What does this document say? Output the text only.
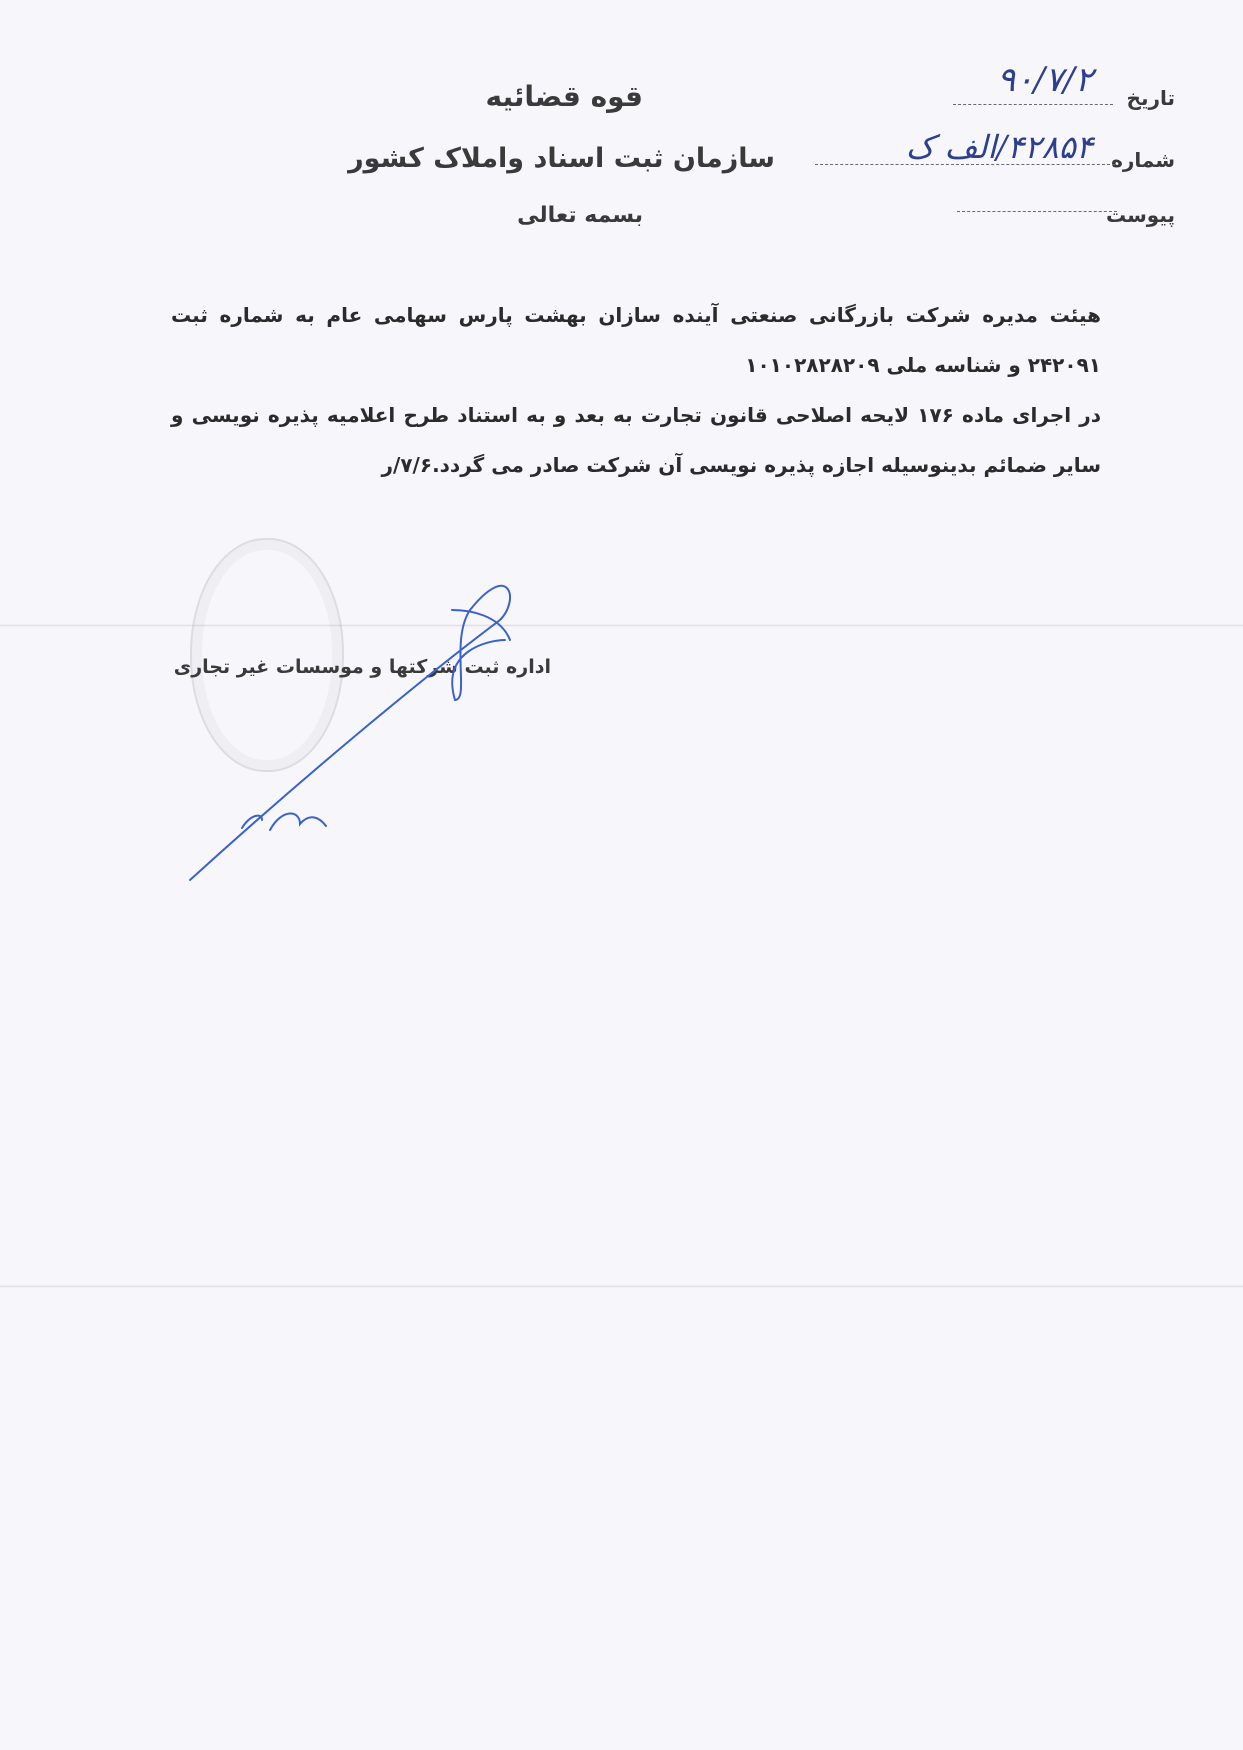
قوه قضائیه
سازمان ثبت اسناد واملاک کشور
بسمه تعالی
تاریخ
۹۰/۷/۲
شماره
۴۲۸۵۴/الف ک
پیوست
هیئت مدیره شرکت بازرگانی صنعتی آینده سازان بهشت پارس سهامی عام به شماره ثبت ۲۴۲۰۹۱ و شناسه ملی ۱۰۱۰۲۸۲۸۲۰۹
در اجرای ماده ۱۷۶ لایحه اصلاحی قانون تجارت به بعد و به استناد طرح اعلامیه پذیره نویسی و سایر ضمائم بدینوسیله اجازه پذیره نویسی آن شرکت صادر می گردد.۷/۶/ر
اداره ثبت شرکتها و موسسات غیر تجاری
